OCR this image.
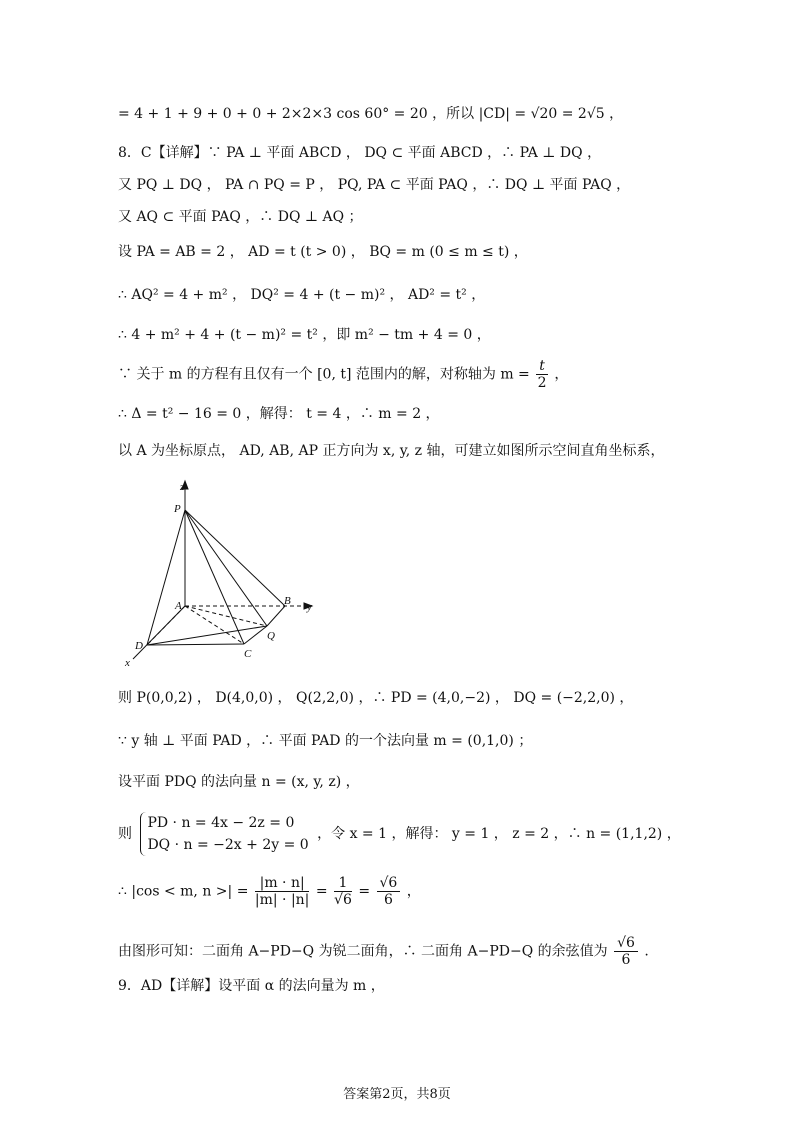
= 4 + 1 + 9 + 0 + 0 + 2×2×3 cos 60° = 20 ，所以 |CD| = √20 = 2√5 ，
8．C【详解】∵ PA ⊥ 平面 ABCD ， DQ ⊂ 平面 ABCD ，∴ PA ⊥ DQ ，
又 PQ ⊥ DQ ， PA ∩ PQ = P ， PQ, PA ⊂ 平面 PAQ ，∴ DQ ⊥ 平面 PAQ ，
又 AQ ⊂ 平面 PAQ ，∴ DQ ⊥ AQ ；
设 PA = AB = 2 ， AD = t (t > 0) ， BQ = m (0 ≤ m ≤ t) ，
∴ AQ² = 4 + m² ， DQ² = 4 + (t − m)² ， AD² = t² ，
∴ 4 + m² + 4 + (t − m)² = t² ，即 m² − tm + 4 = 0 ，
∵ 关于 m 的方程有且仅有一个 [0, t] 范围内的解，对称轴为 $m = \frac{t}{2}$ ，
∴ Δ = t² − 16 = 0 ，解得： t = 4 ，∴ m = 2 ，
以 A 为坐标原点， AD, AB, AP 正方向为 x, y, z 轴，可建立如图所示空间直角坐标系，
z
y
x
P
A	B
C
D
Q
则 P(0,0,2) ， D(4,0,0) ， Q(2,2,0) ，∴ PD = (4,0,−2) ， DQ = (−2,2,0) ，
∵ y 轴 ⊥ 平面 PAD ，∴ 平面 PAD 的一个法向量 m = (0,1,0) ；
设平面 PDQ 的法向量 n = (x, y, z) ，
则
PD · n = 4x − 2z = 0
DQ · n = −2x + 2y = 0
，令 x = 1 ，解得： y = 1 ， z = 2 ，∴ n = (1,1,2) ，
∴ |cos < m, n >| = $\frac{|m \cdot n|}{|m| \cdot |n|} = \frac{1}{√6} = \frac{√6}{6}$ ，
由图形可知：二面角 A−PD−Q 为锐二面角，∴ 二面角 A−PD−Q 的余弦值为 $\frac{√6}{6}$ .
9．AD【详解】设平面 α 的法向量为 m ，
答案第2页，共8页
